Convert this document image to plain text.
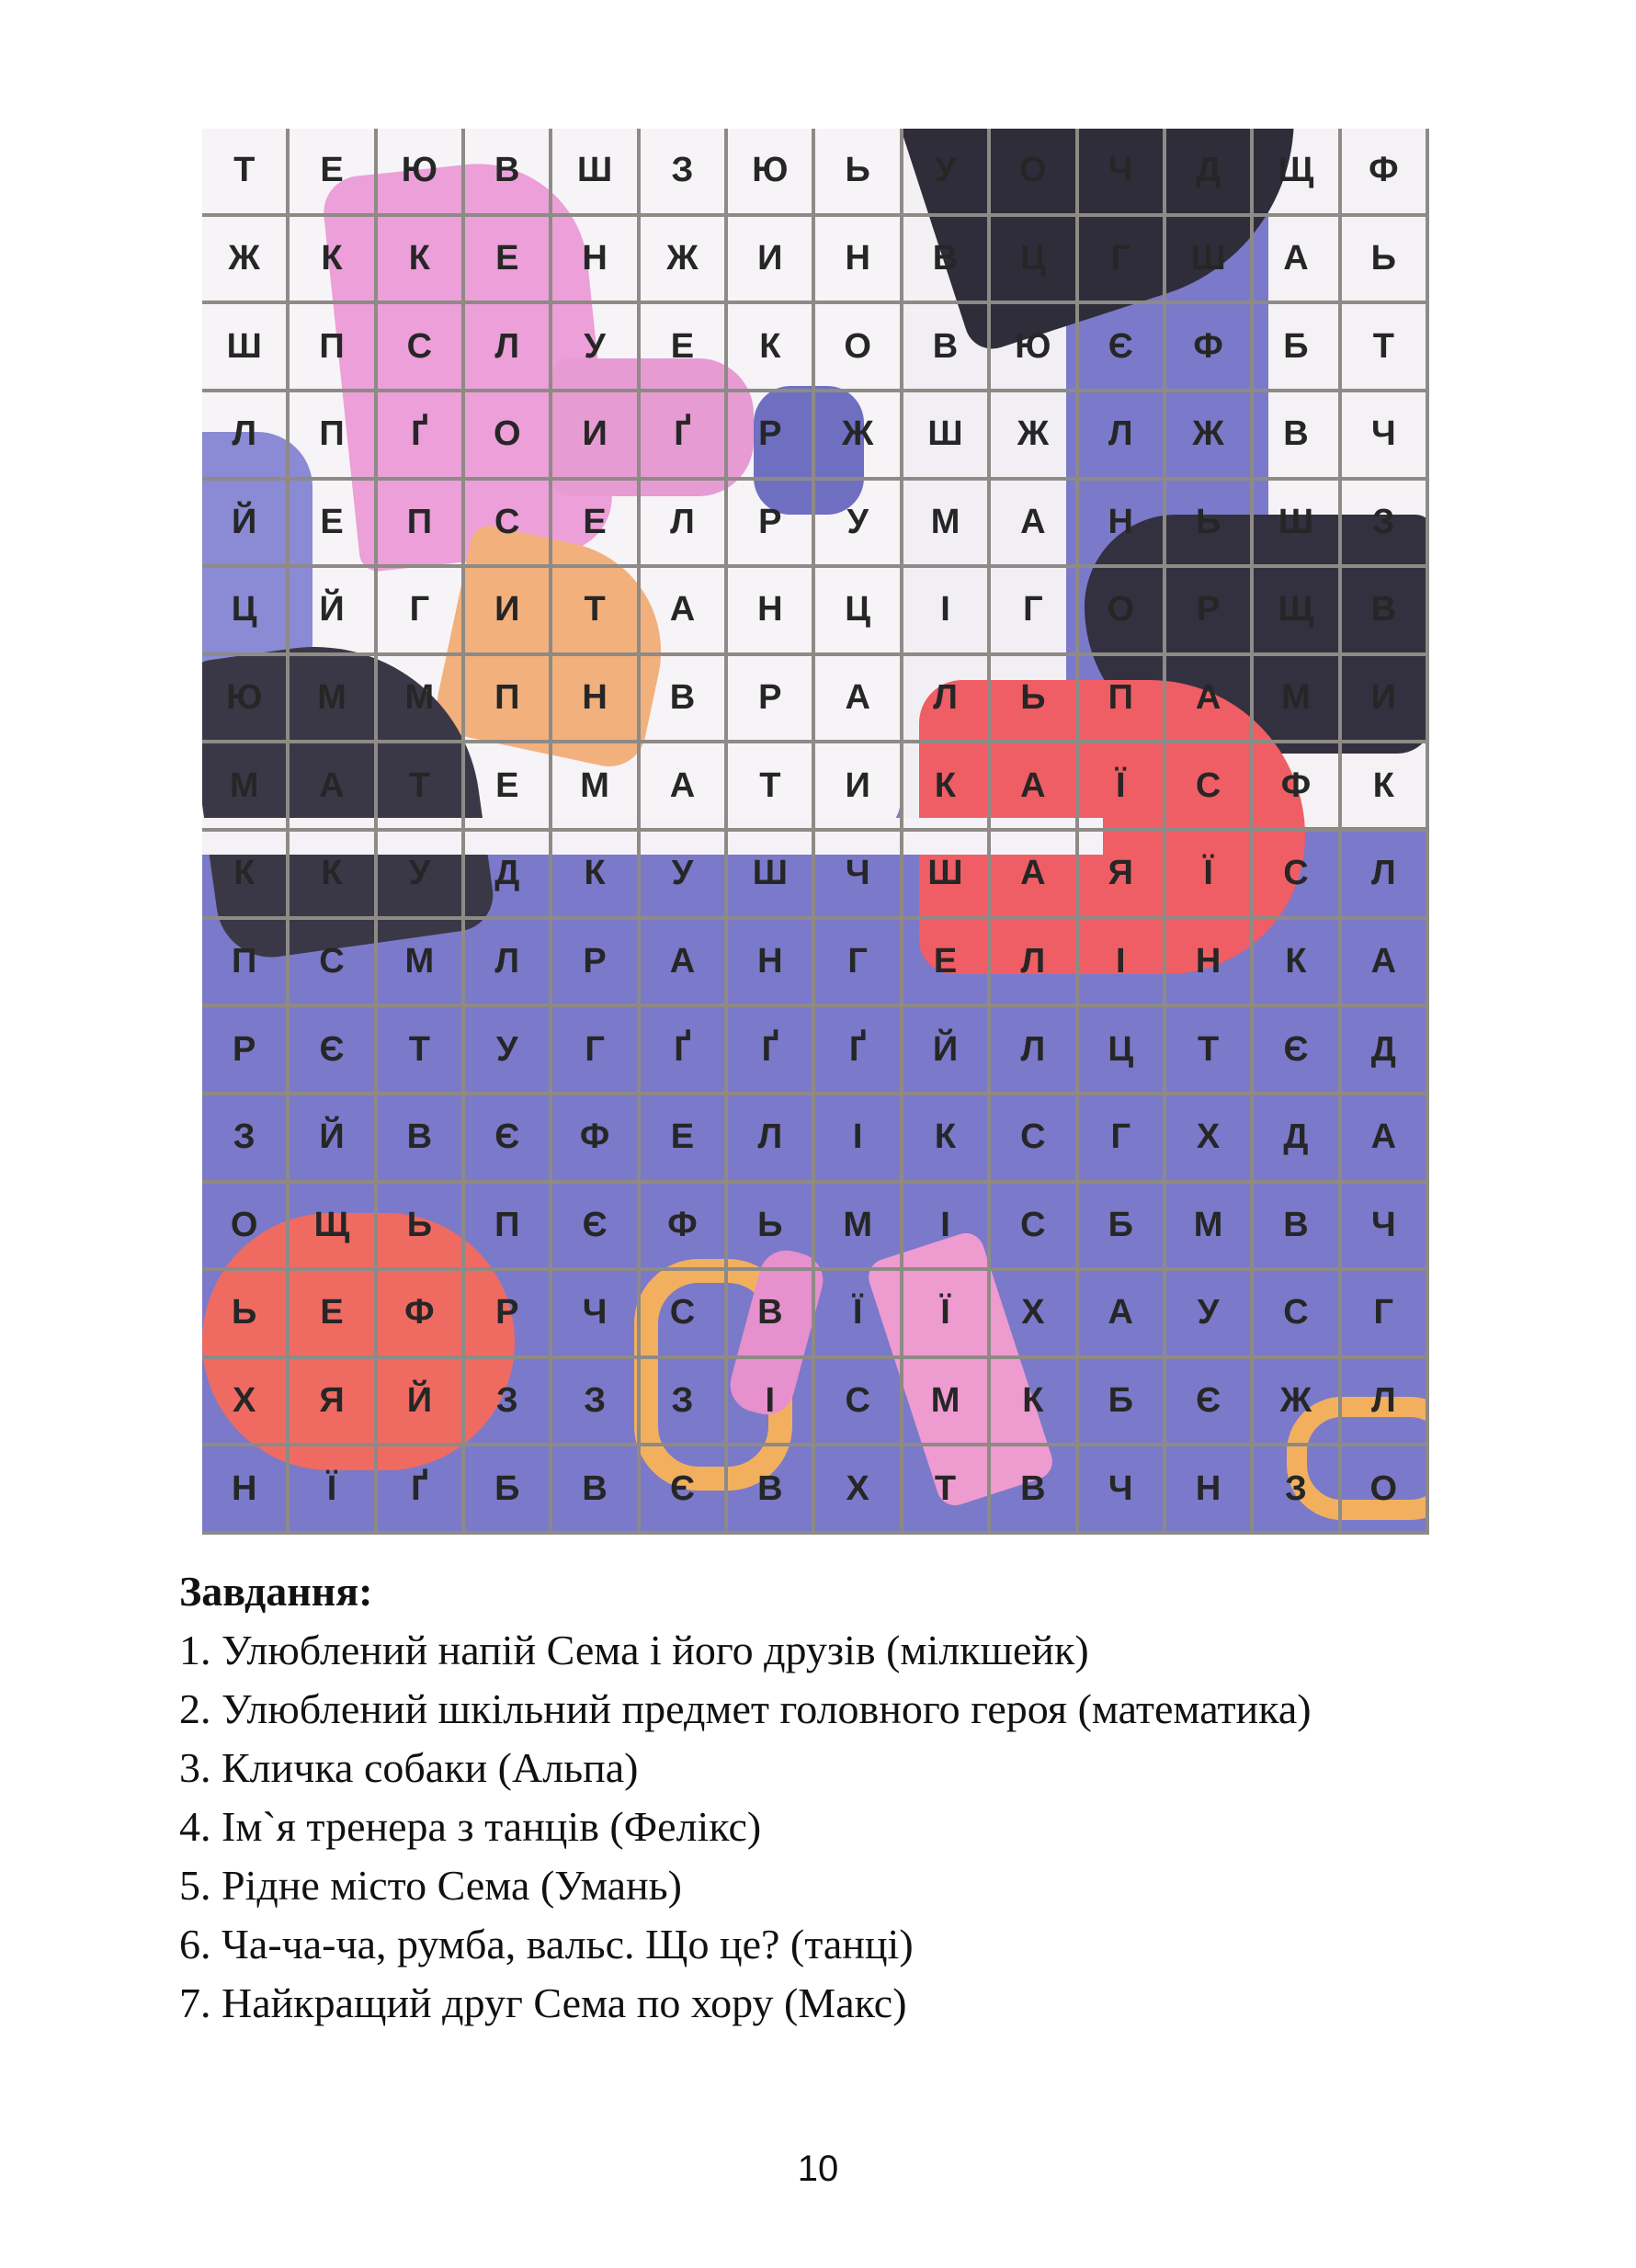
Т	Е	Ю	В	Ш	З	Ю	Ь	У	О	Ч	Д	Щ	Ф
Ж	К	К	Е	Н	Ж	И	Н	В	Ц	Г	Ш	А	Ь
Ш	П	С	Л	У	Е	К	О	В	Ю	Є	Ф	Б	Т
Л	П	Ґ	О	И	Ґ	Р	Ж	Ш	Ж	Л	Ж	В	Ч
Й	Е	П	С	Е	Л	Р	У	М	А	Н	Ь	Ш	З
Ц	Й	Г	И	Т	А	Н	Ц	І	Г	О	Р	Щ	В
Ю	М	М	П	Н	В	Р	А	Л	Ь	П	А	М	И
М	А	Т	Е	М	А	Т	И	К	А	Ї	С	Ф	К
К	К	У	Д	К	У	Ш	Ч	Ш	А	Я	Ї	С	Л
П	С	М	Л	Р	А	Н	Г	Е	Л	І	Н	К	А
Р	Є	Т	У	Г	Ґ	Ґ	Ґ	Й	Л	Ц	Т	Є	Д
З	Й	В	Є	Ф	Е	Л	І	К	С	Г	Х	Д	А
О	Щ	Ь	П	Є	Ф	Ь	М	І	С	Б	М	В	Ч
Ь	Е	Ф	Р	Ч	С	В	Ї	Ї	Х	А	У	С	Г
Х	Я	Й	З	З	З	І	С	М	К	Б	Є	Ж	Л
Н	Ї	Ґ	Б	В	Є	В	Х	Т	В	Ч	Н	З	О
Завдання:
1. Улюблений напій Сема і його друзів (мілкшейк)
2. Улюблений шкільний предмет головного героя (математика)
3. Кличка собаки (Альпа)
4. Ім`я тренера з танців (Фелікс)
5. Рідне місто Сема (Умань)
6. Ча-ча-ча, румба, вальс. Що це? (танці)
7. Найкращий друг Сема по хору (Макс)
10
